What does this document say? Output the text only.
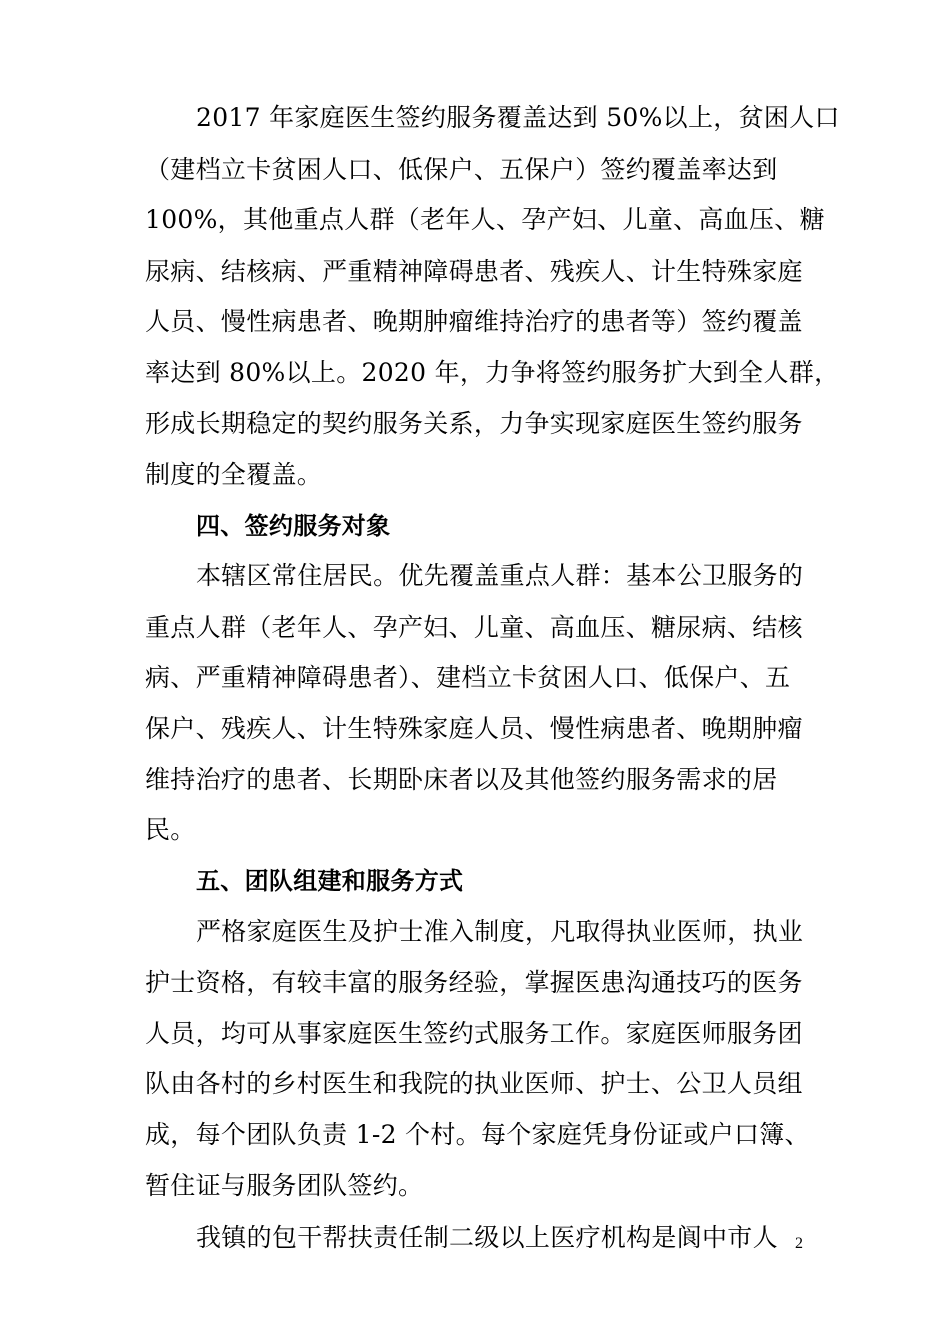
2017 年家庭医生签约服务覆盖达到 50%以上，贫困人口
（建档立卡贫困人口、低保户、五保户）签约覆盖率达到
100%，其他重点人群（老年人、孕产妇、儿童、高血压、糖
尿病、结核病、严重精神障碍患者、残疾人、计生特殊家庭
人员、慢性病患者、晚期肿瘤维持治疗的患者等）签约覆盖
率达到 80%以上。2020 年，力争将签约服务扩大到全人群，
形成长期稳定的契约服务关系，力争实现家庭医生签约服务
制度的全覆盖。
四、签约服务对象
本辖区常住居民。优先覆盖重点人群：基本公卫服务的
重点人群（老年人、孕产妇、儿童、高血压、糖尿病、结核
病、严重精神障碍患者）、建档立卡贫困人口、低保户、五
保户、残疾人、计生特殊家庭人员、慢性病患者、晚期肿瘤
维持治疗的患者、长期卧床者以及其他签约服务需求的居
民。
五、团队组建和服务方式
严格家庭医生及护士准入制度，凡取得执业医师，执业
护士资格，有较丰富的服务经验，掌握医患沟通技巧的医务
人员，均可从事家庭医生签约式服务工作。家庭医师服务团
队由各村的乡村医生和我院的执业医师、护士、公卫人员组
成，每个团队负责 1-2 个村。每个家庭凭身份证或户口簿、
暂住证与服务团队签约。
我镇的包干帮扶责任制二级以上医疗机构是阆中市人	2
